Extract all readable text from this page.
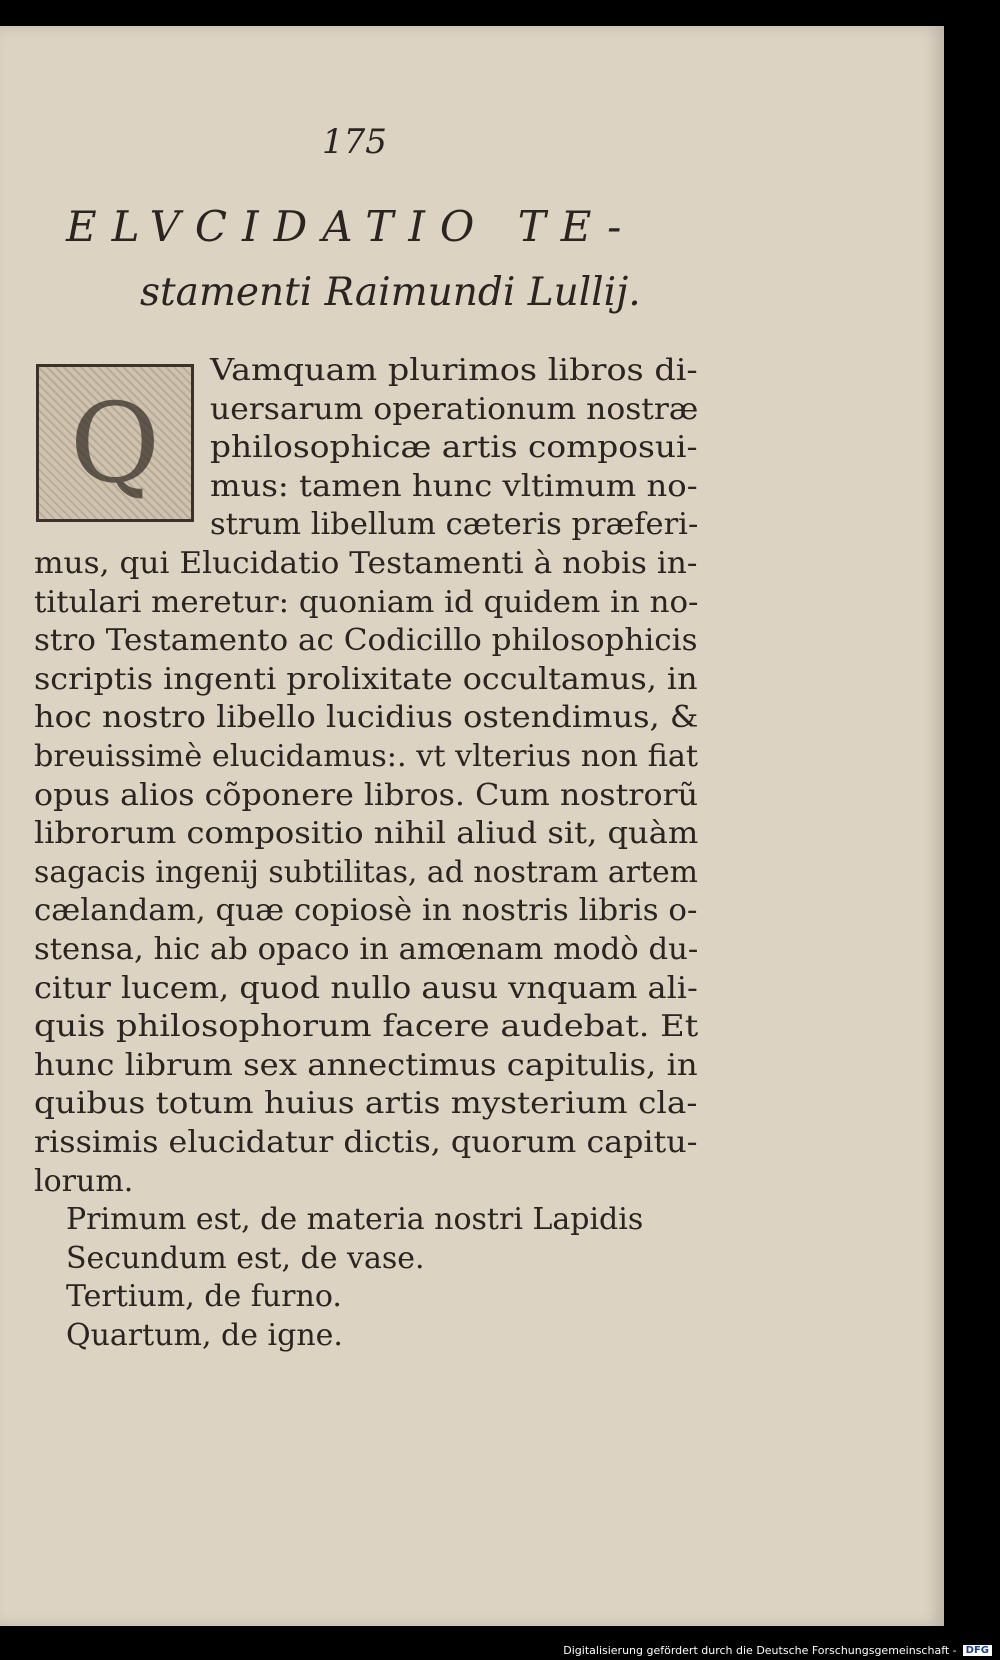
175

ELVCIDATIO TE-

stamenti Raimundi Lullij.

Q

Vamquam plurimos libros di-

uersarum operationum nostræ

philosophicæ artis composui-

mus: tamen hunc vltimum no-

strum libellum cæteris præferi-

mus, qui Elucidatio Testamenti à nobis in-

titulari meretur: quoniam id quidem in no-

stro Testamento ac Codicillo philosophicis

scriptis ingenti prolixitate occultamus, in

hoc nostro libello lucidius ostendimus, &

breuissimè elucidamus:. vt vlterius non fiat

opus alios cõponere libros. Cum nostrorũ

librorum compositio nihil aliud sit, quàm

sagacis ingenij subtilitas, ad nostram artem

cælandam, quæ copiosè in nostris libris o-

stensa, hic ab opaco in amœnam modò du-

citur lucem, quod nullo ausu vnquam ali-

quis philosophorum facere audebat. Et

hunc librum sex annectimus capitulis, in

quibus totum huius artis mysterium cla-

rissimis elucidatur dictis, quorum capitu-

lorum.

Primum est, de materia nostri Lapidis

Secundum est, de vase.

Tertium, de furno.

Quartum, de igne.

Digitalisierung gefördert durch die Deutsche Forschungsgemeinschaft - DFG
